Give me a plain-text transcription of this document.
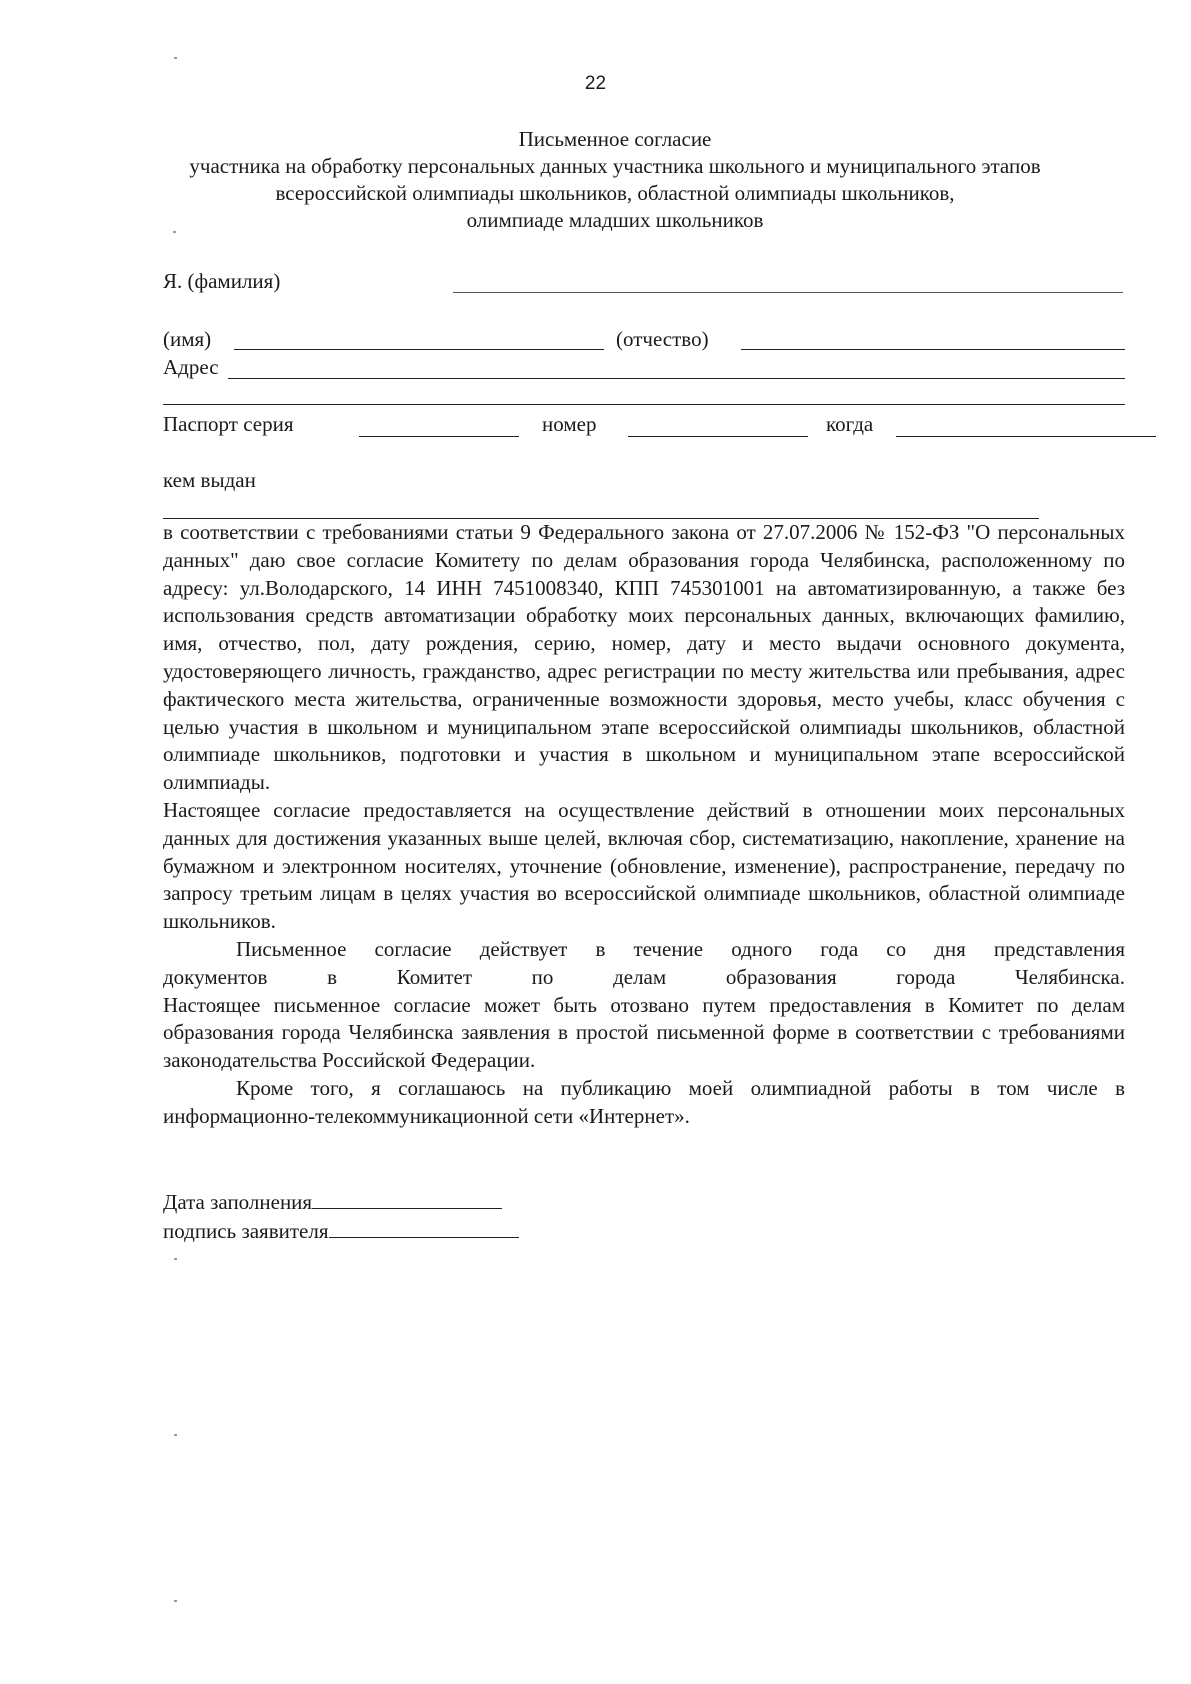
22
Письменное согласие
участника на обработку персональных данных участника школьного и муниципального этапов
всероссийской олимпиады школьников, областной олимпиады школьников,
олимпиаде младших школьников
Я. (фамилия)
(имя)	(отчество)
Адрес
Паспорт серия	номер	когда
кем выдан

в соответствии с требованиями статьи 9 Федерального закона от 27.07.2006 № 152-ФЗ "О персональных данных" даю свое согласие Комитету по делам образования города Челябинска, расположенному по адресу: ул.Володарского, 14 ИНН 7451008340, КПП 745301001 на автоматизированную, а также без использования средств автоматизации обработку моих персональных данных, включающих фамилию, имя, отчество, пол, дату рождения, серию, номер, дату и место выдачи основного документа, удостоверяющего личность, гражданство, адрес регистрации по месту жительства или пребывания, адрес фактического места жительства, ограниченные возможности здоровья, место учебы, класс обучения с целью участия в школьном и муниципальном этапе всероссийской олимпиады школьников, областной олимпиаде школьников, подготовки и участия в школьном и муниципальном этапе всероссийской олимпиады.

Настоящее согласие предоставляется на осуществление действий в отношении моих персональных данных для достижения указанных выше целей, включая сбор, систематизацию, накопление, хранение на бумажном и электронном носителях, уточнение (обновление, изменение), распространение, передачу по запросу третьим лицам в целях участия во всероссийской олимпиаде школьников, областной олимпиаде школьников.

Письменное согласие действует в течение одного года со дня представления

документов в Комитет по делам образования города Челябинска.

Настоящее письменное согласие может быть отозвано путем предоставления в Комитет по делам образования города Челябинска заявления в простой письменной форме в соответствии с требованиями законодательства Российской Федерации.

Кроме того, я соглашаюсь на публикацию моей олимпиадной работы в том числе в информационно-телекоммуникационной сети «Интернет».

Дата заполнения
подпись заявителя
